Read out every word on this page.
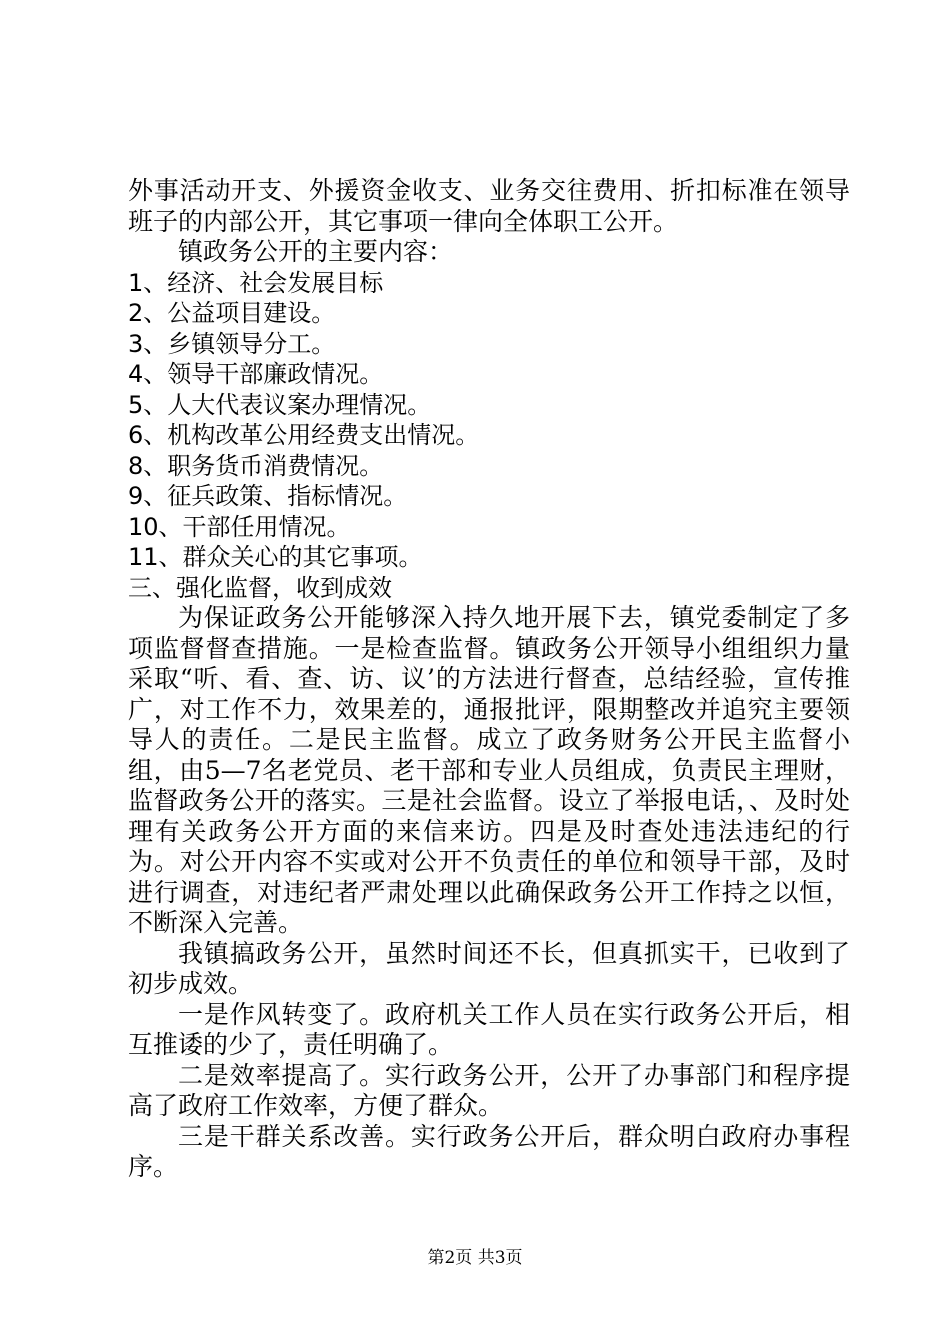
外事活动开支、外援资金收支、业务交往费用、折扣标准在领导班子的内部公开，其它事项一律向全体职工公开。

镇政务公开的主要内容：

1、经济、社会发展目标

2、公益项目建设。

3、乡镇领导分工。

4、领导干部廉政情况。

5、人大代表议案办理情况。

6、机构改革公用经费支出情况。

8、职务货币消费情况。

9、征兵政策、指标情况。

10、干部任用情况。

11、群众关心的其它事项。

三、强化监督，收到成效

为保证政务公开能够深入持久地开展下去，镇党委制定了多项监督督查措施。一是检查监督。镇政务公开领导小组组织力量采取“听、看、查、访、议’的方法进行督查，总结经验，宣传推广，对工作不力，效果差的，通报批评，限期整改并追究主要领导人的责任。二是民主监督。成立了政务财务公开民主监督小组，由5—7名老党员、老干部和专业人员组成，负责民主理财，监督政务公开的落实。三是社会监督。设立了举报电话，、及时处理有关政务公开方面的来信来访。四是及时查处违法违纪的行为。对公开内容不实或对公开不负责任的单位和领导干部，及时进行调查，对违纪者严肃处理以此确保政务公开工作持之以恒，不断深入完善。

我镇搞政务公开，虽然时间还不长，但真抓实干，已收到了初步成效。

一是作风转变了。政府机关工作人员在实行政务公开后，相互推诿的少了，责任明确了。

二是效率提高了。实行政务公开，公开了办事部门和程序提高了政府工作效率，方便了群众。

三是干群关系改善。实行政务公开后，群众明白政府办事程序。

第2页 共3页
